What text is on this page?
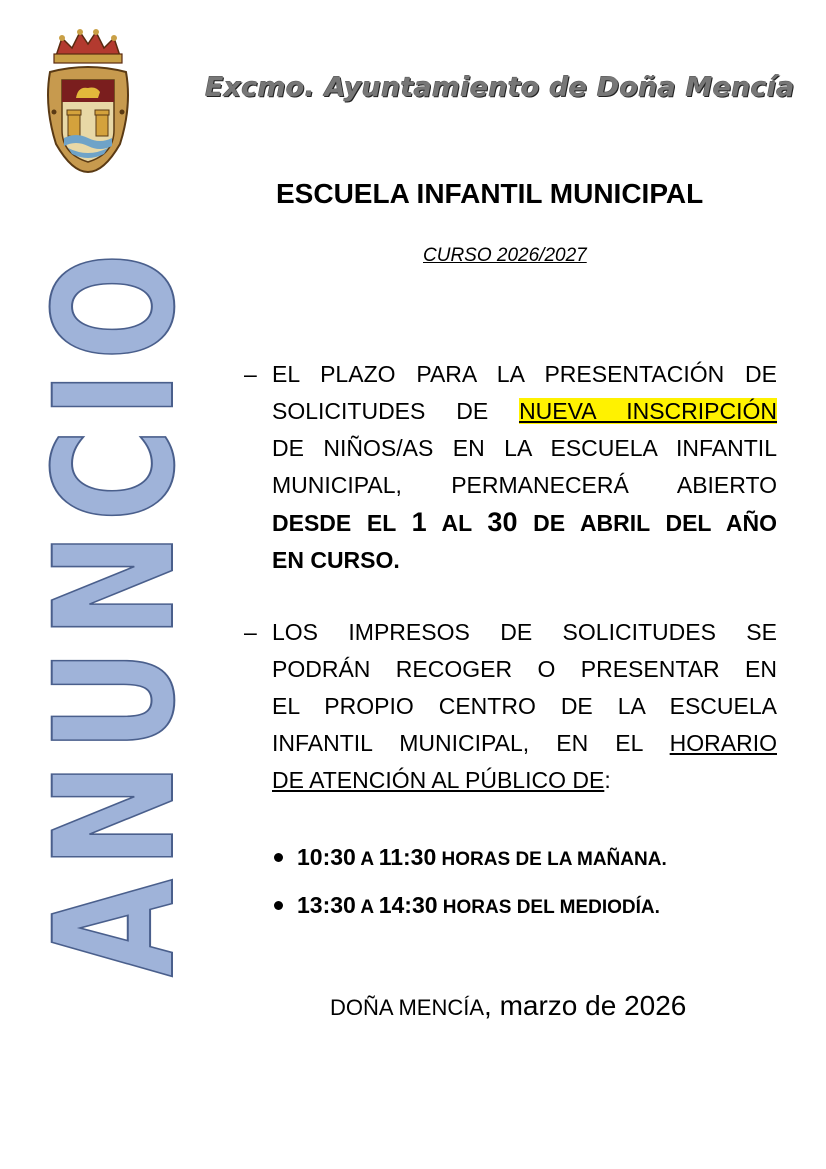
Excmo. Ayuntamiento de Doña Mencía
ANUNCIO ESCUELA INFANTIL MUNICIPAL
CURSO 2026/2027
– EL PLAZO PARA LA PRESENTACIÓN DE
SOLICITUDES DE NUEVA INSCRIPCIÓN
DE NIÑOS/AS EN LA ESCUELA INFANTIL
MUNICIPAL, PERMANECERÁ ABIERTO
DESDE EL 1 AL 30 DE ABRIL DEL AÑO
EN CURSO.
– LOS IMPRESOS DE SOLICITUDES SE
PODRÁN RECOGER O PRESENTAR EN
EL PROPIO CENTRO DE LA ESCUELA
INFANTIL MUNICIPAL, EN EL HORARIO
DE ATENCIÓN AL PÚBLICO DE:
10:30 A 11:30 HORAS DE LA MAÑANA.
13:30 A 14:30 HORAS DEL MEDIODÍA.
DOÑA MENCÍA, marzo de 2026
